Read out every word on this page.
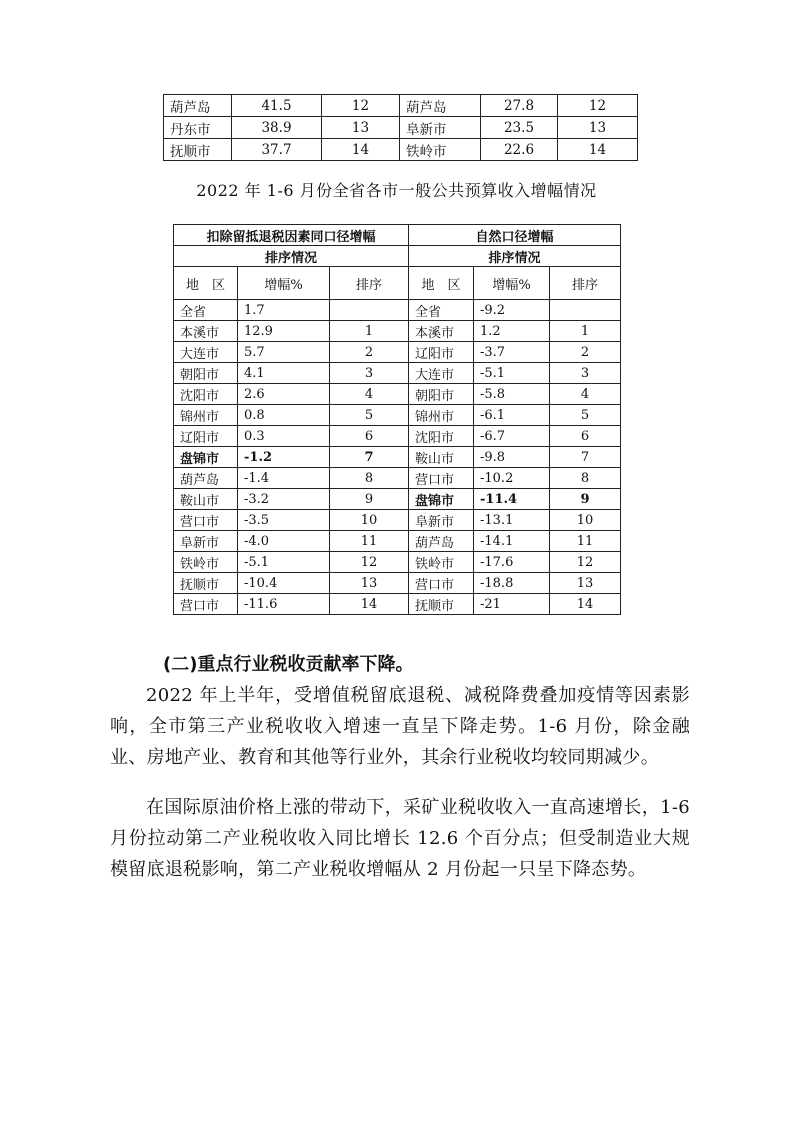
葫芦岛	41.5	12	葫芦岛	27.8	12
丹东市	38.9	13	阜新市	23.5	13
抚顺市	37.7	14	铁岭市	22.6	14
2022 年 1-6 月份全省各市一般公共预算收入增幅情况
扣除留抵退税因素同口径增幅			自然口径增幅		
排序情况			排序情况		
地　区	增幅%	排序	地　区	增幅%	排序
全省	1.7		全省	-9.2	
本溪市	12.9	1	本溪市	1.2	1
大连市	5.7	2	辽阳市	-3.7	2
朝阳市	4.1	3	大连市	-5.1	3
沈阳市	2.6	4	朝阳市	-5.8	4
锦州市	0.8	5	锦州市	-6.1	5
辽阳市	0.3	6	沈阳市	-6.7	6
盘锦市	-1.2	7	鞍山市	-9.8	7
葫芦岛	-1.4	8	营口市	-10.2	8
鞍山市	-3.2	9	盘锦市	-11.4	9
营口市	-3.5	10	阜新市	-13.1	10
阜新市	-4.0	11	葫芦岛	-14.1	11
铁岭市	-5.1	12	铁岭市	-17.6	12
抚顺市	-10.4	13	营口市	-18.8	13
营口市	-11.6	14	抚顺市	-21	14
(二)重点行业税收贡献率下降。
2022 年上半年，受增值税留底退税、减税降费叠加疫情等因素影响，全市第三产业税收收入增速一直呈下降走势。1-6 月份，除金融业、房地产业、教育和其他等行业外，其余行业税收均较同期减少。
在国际原油价格上涨的带动下，采矿业税收收入一直高速增长，1-6 月份拉动第二产业税收收入同比增长 12.6 个百分点；但受制造业大规模留底退税影响，第二产业税收增幅从 2 月份起一只呈下降态势。
